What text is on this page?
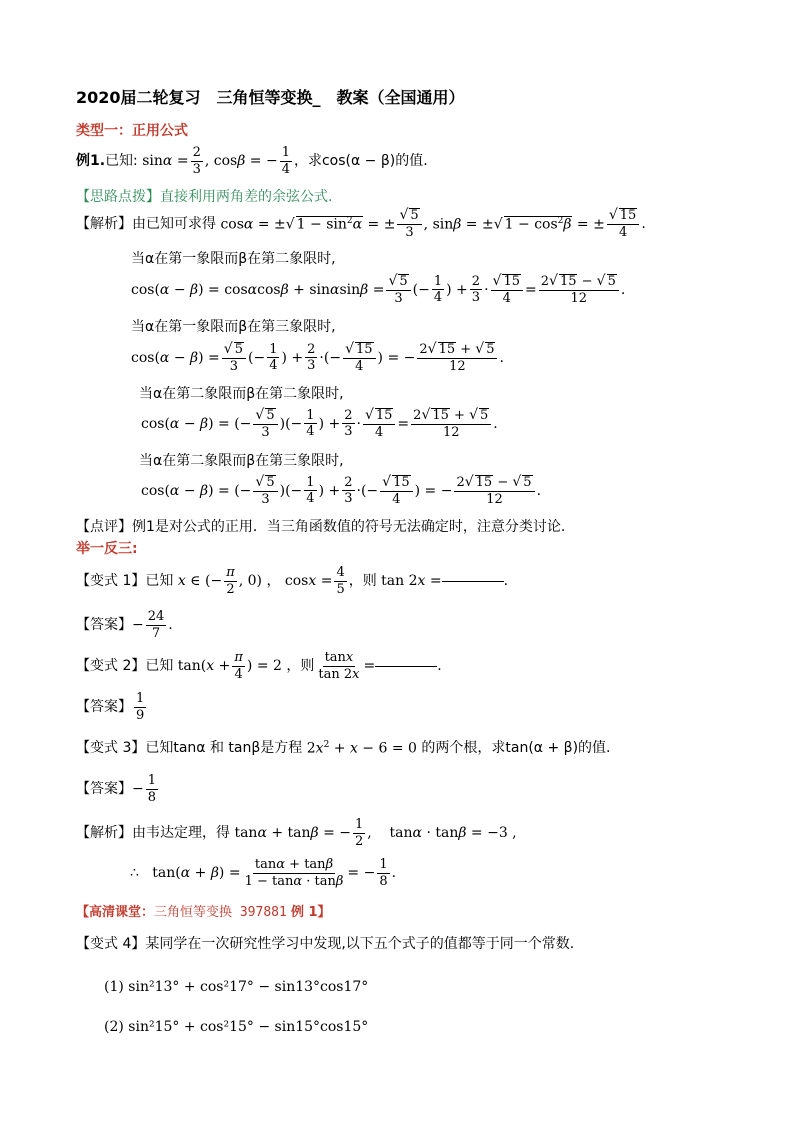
2020届二轮复习　三角恒等变换_　教案（全国通用）
类型一：正用公式
例1. 已知: $\sin\alpha = \frac{2}{3}$ , cosβ = − $\frac{1}{4}$ ， 求cos(α − β)的值.
【思路点拨】 直接利用两角差的余弦公式.
【解析】 由已知可求得 cosα = ±√ $1 - \sin^2\alpha$ = ± $\frac{√ 5}{3}$ , sinβ = ±√ $1 - \cos^2\beta$ = ± $\frac{√ 15}{4}$ .
当α在第一象限而β在第二象限时,
$\cos(\alpha - \beta) = \cos\alpha\cos\beta + \sin\alpha\sin\beta = \frac{√ 5}{3}$ (− $\frac{1}{4}$ ) + $\frac{2}{3} \cdot \frac{√ 15}{4} = \frac{2√ 15 - √ 5}{12}$ .
当α在第一象限而β在第三象限时,
$\cos(\alpha - \beta) = \frac{√ 5}{3}$ (− $\frac{1}{4}$ ) + $\frac{2}{3}$ ·(− $\frac{√ 15}{4}$ ) = − $\frac{2√ 15 + √ 5}{12}$ .
当α在第二象限而β在第二象限时,
cos(α − β) = (− $\frac{√ 5}{3}$ )(− $\frac{1}{4}$ ) + $\frac{2}{3} \cdot \frac{√ 15}{4} = \frac{2√ 15 + √ 5}{12}$ .
当α在第二象限而β在第三象限时,
cos(α − β) = (− $\frac{√ 5}{3}$ )(− $\frac{1}{4}$ ) + $\frac{2}{3}$ ·(− $\frac{√ 15}{4}$ ) = − $\frac{2√ 15 - √ 5}{12}$ .
【点评】 例1是对公式的正用．当三角函数值的符号无法确定时，注意分类讨论.
举一反三:
【变式 1】 已知 x ∈ (− $\frac{\pi}{2}$ , 0) ， $\cos x = \frac{4}{5}$ ，则 tan 2x =	.
【答案】 − $\frac{24}{7}$ .
【变式 2】 已知 $\tan(x + \frac{\pi}{4}$ ) = 2 ，则 $\frac{\tan x}{\tan 2x}$ =	.
【答案】 $\frac{1}{9}$
【变式 3】 已知tanα 和 tanβ是方程 $2x^2 + x - 6 = 0$ 的两个根，求tan(α + β)的值.
【答案】 − $\frac{1}{8}$
【解析】 由韦达定理，得 tanα + tanβ = − $\frac{1}{2}$ ,    tanα · tanβ = −3 ,
∴   $\tan(\alpha + \beta) = \frac{\tan\alpha + \tan\beta}{1 - \tan\alpha \cdot \tan\beta}$ = − $\frac{1}{8}$ .
【高清课堂： 三角恒等变换
397881
例 1】
【变式 4】 某同学在一次研究性学习中发现,以下五个式子的值都等于同一个常数.
(1) sin²13° + cos²17° − sin13°cos17°
(2) sin²15° + cos²15° − sin15°cos15°
